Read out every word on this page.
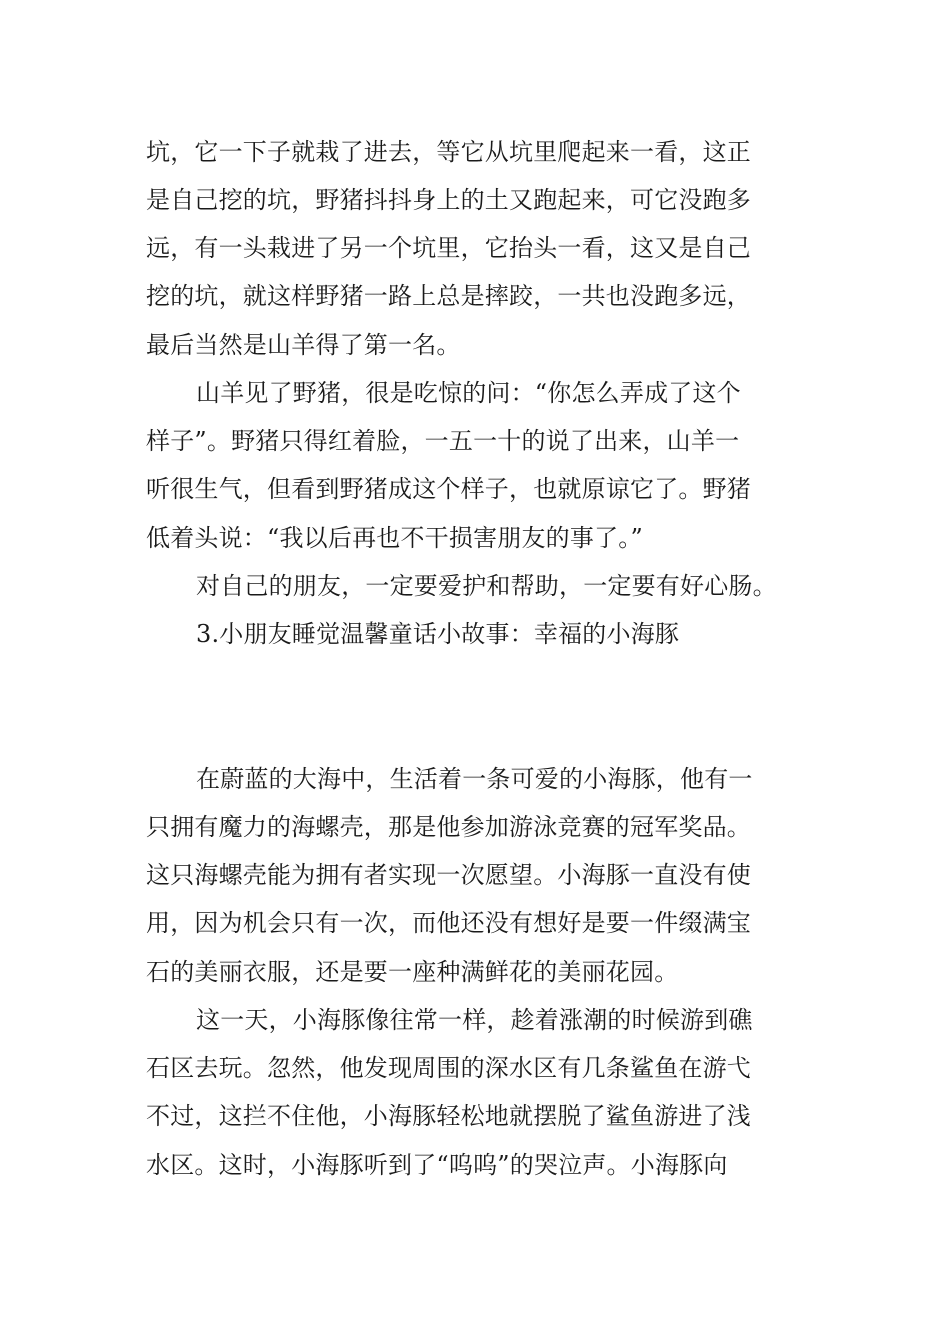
坑，它一下子就栽了进去，等它从坑里爬起来一看，这正
是自己挖的坑，野猪抖抖身上的土又跑起来，可它没跑多
远，有一头栽进了另一个坑里，它抬头一看，这又是自己
挖的坑，就这样野猪一路上总是摔跤，一共也没跑多远，
最后当然是山羊得了第一名。
山羊见了野猪，很是吃惊的问：“你怎么弄成了这个
样子”。野猪只得红着脸，一五一十的说了出来，山羊一
听很生气，但看到野猪成这个样子，也就原谅它了。野猪
低着头说：“我以后再也不干损害朋友的事了。”
对自己的朋友，一定要爱护和帮助，一定要有好心肠。
3.小朋友睡觉温馨童话小故事：幸福的小海豚
在蔚蓝的大海中，生活着一条可爱的小海豚，他有一
只拥有魔力的海螺壳，那是他参加游泳竞赛的冠军奖品。
这只海螺壳能为拥有者实现一次愿望。小海豚一直没有使
用，因为机会只有一次，而他还没有想好是要一件缀满宝
石的美丽衣服，还是要一座种满鲜花的美丽花园。
这一天，小海豚像往常一样，趁着涨潮的时候游到礁
石区去玩。忽然，他发现周围的深水区有几条鲨鱼在游弋
不过，这拦不住他，小海豚轻松地就摆脱了鲨鱼游进了浅
水区。这时，小海豚听到了“呜呜”的哭泣声。小海豚向
